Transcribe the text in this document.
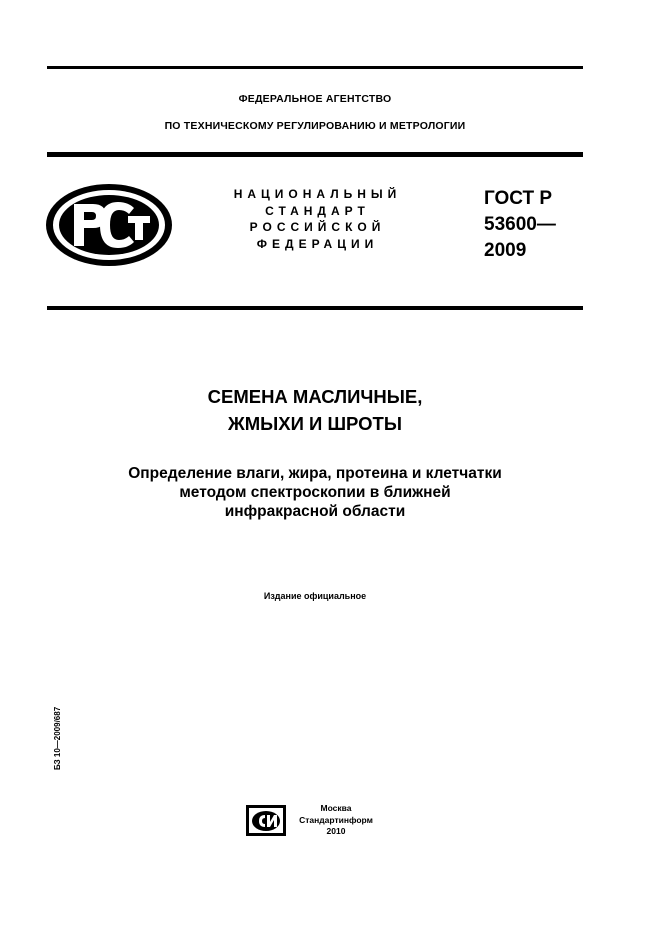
ФЕДЕРАЛЬНОЕ АГЕНТСТВО
ПО ТЕХНИЧЕСКОМУ РЕГУЛИРОВАНИЮ И МЕТРОЛОГИИ
НАЦИОНАЛЬНЫЙ
СТАНДАРТ
РОССИЙСКОЙ
ФЕДЕРАЦИИ
ГОСТ Р
53600—
2009
СЕМЕНА МАСЛИЧНЫЕ,
ЖМЫХИ И ШРОТЫ
Определение влаги, жира, протеина и клетчатки
методом спектроскопии в ближней
инфракрасной области
Издание официальное
БЗ 10—2009/687
Москва
Стандартинформ
2010
